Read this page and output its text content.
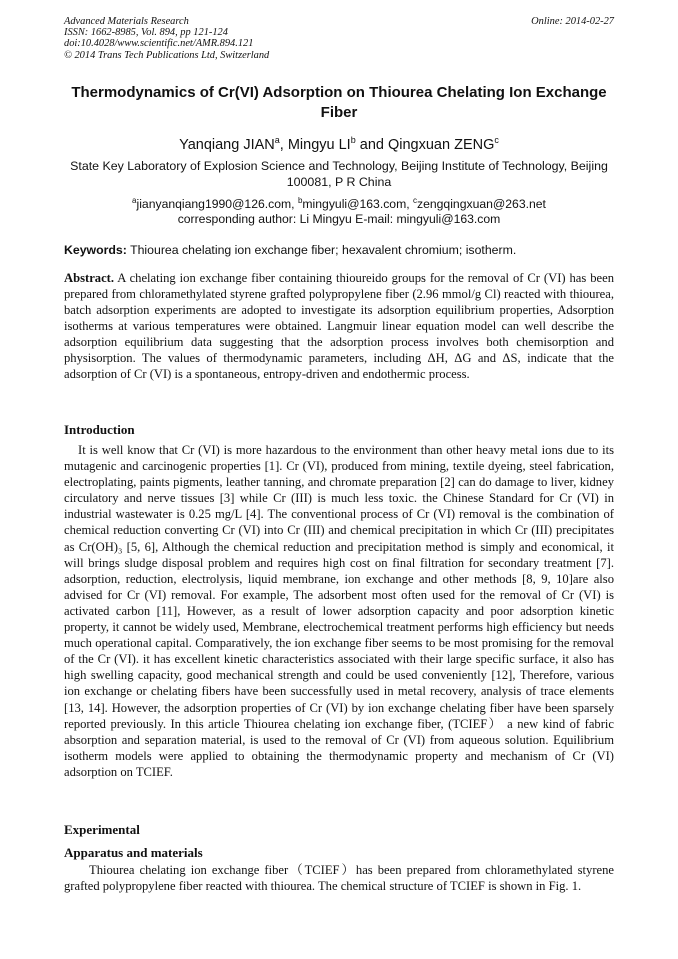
Advanced Materials Research
ISSN: 1662-8985, Vol. 894, pp 121-124
doi:10.4028/www.scientific.net/AMR.894.121
© 2014 Trans Tech Publications Ltd, Switzerland
Online: 2014-02-27
Thermodynamics of Cr(VI) Adsorption on Thiourea Chelating Ion Exchange Fiber
Yanqiang JIAN$^a$, Mingyu $LI^b$ and Qingxuan ZENG$^c$
State Key Laboratory of Explosion Science and Technology, Beijing Institute of Technology, Beijing 100081, P R China
$^a$jianyanqiang1990@126.com, $^b$mingyuli@163.com, $^c$zengqingxuan@263.net
corresponding author: Li Mingyu E-mail: mingyuli@163.com
Keywords: Thiourea chelating ion exchange fiber; hexavalent chromium; isotherm.
Abstract. A chelating ion exchange fiber containing thioureido groups for the removal of Cr (VI) has been prepared from chloramethylated styrene grafted polypropylene fiber (2.96 mmol/g Cl) reacted with thiourea, batch adsorption experiments are adopted to investigate its adsorption equilibrium properties, Adsorption isotherms at various temperatures were obtained. Langmuir linear equation model can well describe the adsorption equilibrium data suggesting that the adsorption process involves both chemisorption and physisorption. The values of thermodynamic parameters, including ΔH, ΔG and ΔS, indicate that the adsorption of Cr (VI) is a spontaneous, entropy-driven and endothermic process.
Introduction

It is well know that Cr (VI) is more hazardous to the environment than other heavy metal ions due to its mutagenic and carcinogenic properties [1]. Cr (VI), produced from mining, textile dyeing, steel fabrication, electroplating, paints pigments, leather tanning, and chromate preparation [2] can do damage to liver, kidney circulatory and nerve tissues [3] while Cr (III) is much less toxic. the Chinese Standard for Cr (VI) in industrial wastewater is 0.25 mg/L [4]. The conventional process of Cr (VI) removal is the combination of chemical reduction converting Cr (VI) into Cr (III) and chemical precipitation in which Cr (III) precipitates as Cr(OH)₃ [5, 6], Although the chemical reduction and precipitation method is simply and economical, it will brings sludge disposal problem and requires high cost on final filtration for secondary treatment [7]. adsorption, reduction, electrolysis, liquid membrane, ion exchange and other methods [8, 9, 10]are also advised for Cr (VI) removal. For example, The adsorbent most often used for the removal of Cr (VI) is activated carbon [11], However, as a result of lower adsorption capacity and poor adsorption kinetic property, it cannot be widely used, Membrane, electrochemical treatment performs high efficiency but needs much operational capital. Comparatively, the ion exchange fiber seems to be most promising for the removal of the Cr (VI). it has excellent kinetic characteristics associated with their large specific surface, it also has high swelling capacity, good mechanical strength and could be used conveniently [12], Therefore, various ion exchange or chelating fibers have been successfully used in metal recovery, analysis of trace elements [13, 14]. However, the adsorption properties of Cr (VI) by ion exchange chelating fiber have been sparsely reported previously. In this article Thiourea chelating ion exchange fiber, (TCIEF） a new kind of fabric absorption and separation material, is used to the removal of Cr (VI) from aqueous solution. Equilibrium isotherm models were applied to obtaining the thermodynamic property and mechanism of Cr (VI) adsorption on TCIEF.

Experimental
Apparatus and materials

Thiourea chelating ion exchange fiber（TCIEF）has been prepared from chloramethylated styrene grafted polypropylene fiber reacted with thiourea. The chemical structure of TCIEF is shown in Fig. 1.
